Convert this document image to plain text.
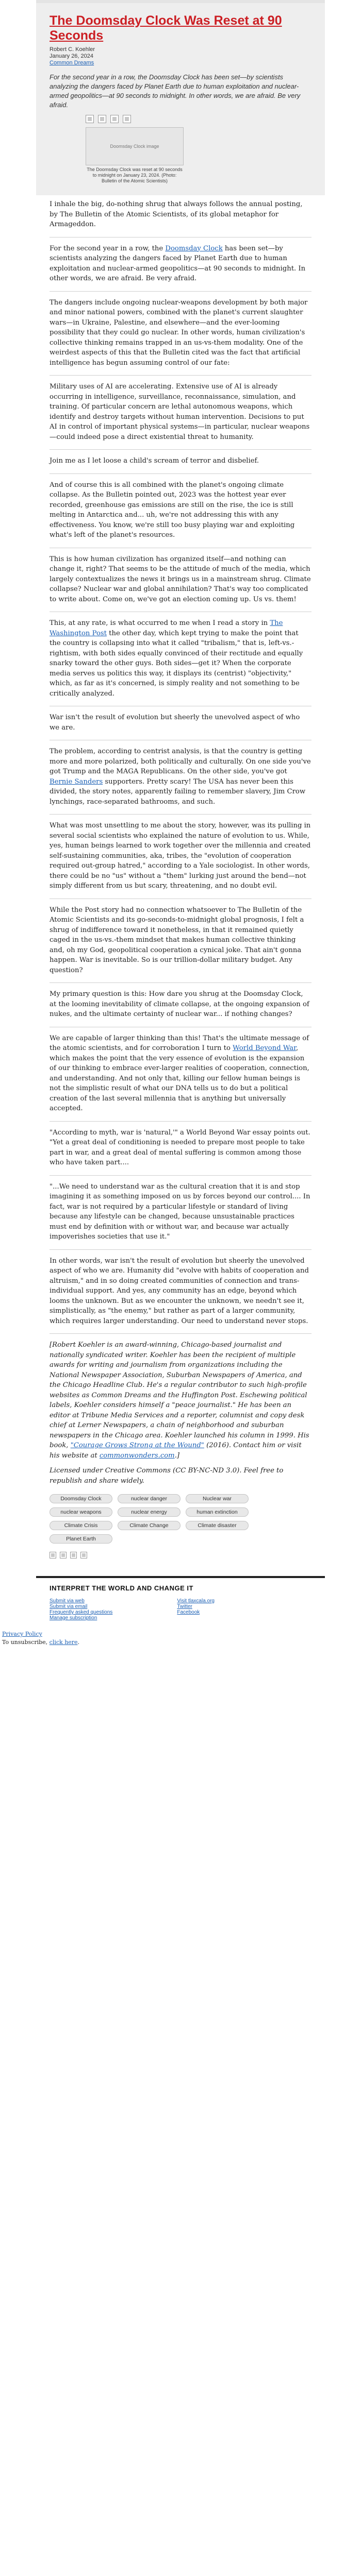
The Doomsday Clock Was Reset at 90 Seconds
Robert C. Koehler
January 26, 2024
Common Dreams
For the second year in a row, the Doomsday Clock has been set—by scientists analyzing the dangers faced by Planet Earth due to human exploitation and nuclear-armed geopolitics—at 90 seconds to midnight. In other words, we are afraid. Be very afraid.
Doomsday Clock image
The Doomsday Clock was reset at 90 seconds to midnight on January 23, 2024. (Photo: Bulletin of the Atomic Scientists)

I inhale the big, do-nothing shrug that always follows the annual posting, by The Bulletin of the Atomic Scientists, of its global metaphor for Armageddon.

For the second year in a row, the Doomsday Clock has been set—by scientists analyzing the dangers faced by Planet Earth due to human exploitation and nuclear-armed geopolitics—at 90 seconds to midnight. In other words, we are afraid. Be very afraid.

The dangers include ongoing nuclear-weapons development by both major and minor national powers, combined with the planet's current slaughter wars—in Ukraine, Palestine, and elsewhere—and the ever-looming possibility that they could go nuclear. In other words, human civilization's collective thinking remains trapped in an us-vs-them modality. One of the weirdest aspects of this that the Bulletin cited was the fact that artificial intelligence has begun assuming control of our fate:

Military uses of AI are accelerating. Extensive use of AI is already occurring in intelligence, surveillance, reconnaissance, simulation, and training. Of particular concern are lethal autonomous weapons, which identify and destroy targets without human intervention. Decisions to put AI in control of important physical systems—in particular, nuclear weapons—could indeed pose a direct existential threat to humanity.

Join me as I let loose a child's scream of terror and disbelief.

And of course this is all combined with the planet's ongoing climate collapse. As the Bulletin pointed out, 2023 was the hottest year ever recorded, greenhouse gas emissions are still on the rise, the ice is still melting in Antarctica and... uh, we're not addressing this with any effectiveness. You know, we're still too busy playing war and exploiting what's left of the planet's resources.

This is how human civilization has organized itself—and nothing can change it, right? That seems to be the attitude of much of the media, which largely contextualizes the news it brings us in a mainstream shrug. Climate collapse? Nuclear war and global annihilation? That's way too complicated to write about. Come on, we've got an election coming up. Us vs. them!

This, at any rate, is what occurred to me when I read a story in The Washington Post the other day, which kept trying to make the point that the country is collapsing into what it called "tribalism," that is, left-vs.-rightism, with both sides equally convinced of their rectitude and equally snarky toward the other guys. Both sides—get it? When the corporate media serves us politics this way, it displays its (centrist) "objectivity," which, as far as it's concerned, is simply reality and not something to be critically analyzed.

War isn't the result of evolution but sheerly the unevolved aspect of who we are.

The problem, according to centrist analysis, is that the country is getting more and more polarized, both politically and culturally. On one side you've got Trump and the MAGA Republicans. On the other side, you've got Bernie Sanders supporters. Pretty scary! The USA has never been this divided, the story notes, apparently failing to remember slavery, Jim Crow lynchings, race-separated bathrooms, and such.

What was most unsettling to me about the story, however, was its pulling in several social scientists who explained the nature of evolution to us. While, yes, human beings learned to work together over the millennia and created self-sustaining communities, aka, tribes, the "evolution of cooperation required out-group hatred," according to a Yale sociologist. In other words, there could be no "us" without a "them" lurking just around the bend—not simply different from us but scary, threatening, and no doubt evil.

While the Post story had no connection whatsoever to The Bulletin of the Atomic Scientists and its go-seconds-to-midnight global prognosis, I felt a shrug of indifference toward it nonetheless, in that it remained quietly caged in the us-vs.-them mindset that makes human collective thinking and, oh my God, geopolitical cooperation a cynical joke. That ain't gonna happen. War is inevitable. So is our trillion-dollar military budget. Any question?

My primary question is this: How dare you shrug at the Doomsday Clock, at the looming inevitability of climate collapse, at the ongoing expansion of nukes, and the ultimate certainty of nuclear war... if nothing changes?

We are capable of larger thinking than this! That's the ultimate message of the atomic scientists, and for corroboration I turn to World Beyond War, which makes the point that the very essence of evolution is the expansion of our thinking to embrace ever-larger realities of cooperation, connection, and understanding. And not only that, killing our fellow human beings is not the simplistic result of what our DNA tells us to do but a political creation of the last several millennia that is anything but universally accepted.

"According to myth, war is 'natural,'" a World Beyond War essay points out. "Yet a great deal of conditioning is needed to prepare most people to take part in war, and a great deal of mental suffering is common among those who have taken part....

"...We need to understand war as the cultural creation that it is and stop imagining it as something imposed on us by forces beyond our control.... In fact, war is not required by a particular lifestyle or standard of living because any lifestyle can be changed, because unsustainable practices must end by definition with or without war, and because war actually impoverishes societies that use it."

In other words, war isn't the result of evolution but sheerly the unevolved aspect of who we are. Humanity did "evolve with habits of cooperation and altruism," and in so doing created communities of connection and trans-individual support. And yes, any community has an edge, beyond which looms the unknown. But as we encounter the unknown, we needn't see it, simplistically, as "the enemy," but rather as part of a larger community, which requires larger understanding. Our need to understand never stops.

[Robert Koehler is an award-winning, Chicago-based journalist and nationally syndicated writer. Koehler has been the recipient of multiple awards for writing and journalism from organizations including the National Newspaper Association, Suburban Newspapers of America, and the Chicago Headline Club. He's a regular contributor to such high-profile websites as Common Dreams and the Huffington Post. Eschewing political labels, Koehler considers himself a "peace journalist." He has been an editor at Tribune Media Services and a reporter, columnist and copy desk chief at Lerner Newspapers, a chain of neighborhood and suburban newspapers in the Chicago area. Koehler launched his column in 1999. His book, "Courage Grows Strong at the Wound" (2016). Contact him or visit his website at commonwonders.com.]
Licensed under Creative Commons (CC BY-NC-ND 3.0). Feel free to republish and share widely.
Doomsday Clock	nuclear danger	Nuclear war
nuclear weapons	nuclear energy	human extinction
Climate Crisis	Climate Change	Climate disaster
Planet Earth
INTERPRET THE WORLD AND CHANGE IT
Submit via web
Submit via email
Frequently asked questions
Manage subscription
Visit tlaxcala.org
Twitter
Facebook
Privacy Policy
To unsubscribe, click here.
